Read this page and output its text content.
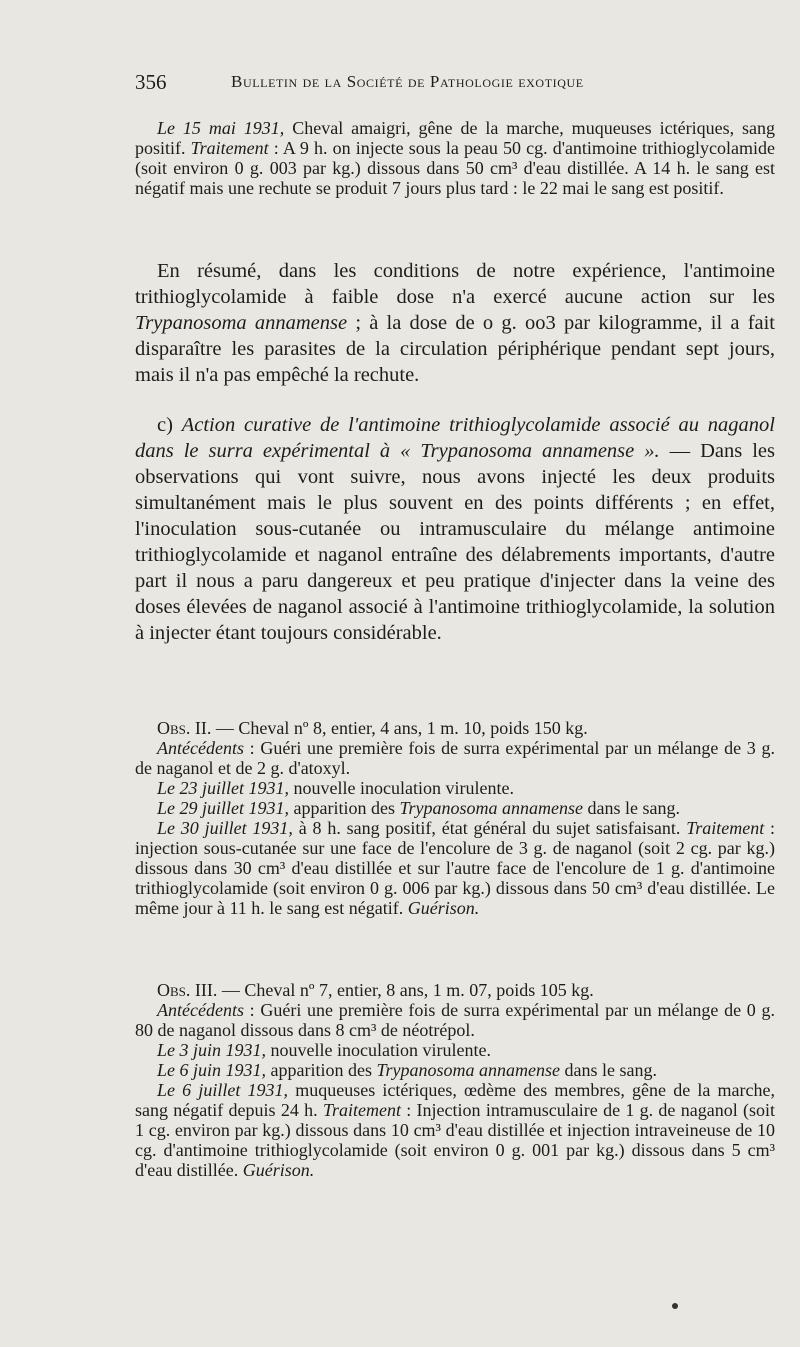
356	Bulletin de la Société de Pathologie exotique

Le 15 mai 1931, Cheval amaigri, gêne de la marche, muqueuses ictériques, sang positif. Traitement : A 9 h. on injecte sous la peau 50 cg. d'antimoine trithioglycolamide (soit environ 0 g. 003 par kg.) dissous dans 50 cm³ d'eau distillée. A 14 h. le sang est négatif mais une rechute se produit 7 jours plus tard : le 22 mai le sang est positif.

En résumé, dans les conditions de notre expérience, l'antimoine trithioglycolamide à faible dose n'a exercé aucune action sur les Trypanosoma annamense ; à la dose de o g. oo3 par kilogramme, il a fait disparaître les parasites de la circulation périphérique pendant sept jours, mais il n'a pas empêché la rechute.

c) Action curative de l'antimoine trithioglycolamide associé au naganol dans le surra expérimental à « Trypanosoma annamense ». — Dans les observations qui vont suivre, nous avons injecté les deux produits simultanément mais le plus souvent en des points différents ; en effet, l'inoculation sous-cutanée ou intramusculaire du mélange antimoine trithioglycolamide et naganol entraîne des délabrements importants, d'autre part il nous a paru dangereux et peu pratique d'injecter dans la veine des doses élevées de naganol associé à l'antimoine trithioglycolamide, la solution à injecter étant toujours considérable.

Obs. II. — Cheval nº 8, entier, 4 ans, 1 m. 10, poids 150 kg.

Antécédents : Guéri une première fois de surra expérimental par un mélange de 3 g. de naganol et de 2 g. d'atoxyl.

Le 23 juillet 1931, nouvelle inoculation virulente.

Le 29 juillet 1931, apparition des Trypanosoma annamense dans le sang.

Le 30 juillet 1931, à 8 h. sang positif, état général du sujet satisfaisant. Traitement : injection sous-cutanée sur une face de l'encolure de 3 g. de naganol (soit 2 cg. par kg.) dissous dans 30 cm³ d'eau distillée et sur l'autre face de l'encolure de 1 g. d'antimoine trithioglycolamide (soit environ 0 g. 006 par kg.) dissous dans 50 cm³ d'eau distillée. Le même jour à 11 h. le sang est négatif. Guérison.

Obs. III. — Cheval nº 7, entier, 8 ans, 1 m. 07, poids 105 kg.

Antécédents : Guéri une première fois de surra expérimental par un mélange de 0 g. 80 de naganol dissous dans 8 cm³ de néotrépol.

Le 3 juin 1931, nouvelle inoculation virulente.

Le 6 juin 1931, apparition des Trypanosoma annamense dans le sang.

Le 6 juillet 1931, muqueuses ictériques, œdème des membres, gêne de la marche, sang négatif depuis 24 h. Traitement : Injection intramusculaire de 1 g. de naganol (soit 1 cg. environ par kg.) dissous dans 10 cm³ d'eau distillée et injection intraveineuse de 10 cg. d'antimoine trithioglycolamide (soit environ 0 g. 001 par kg.) dissous dans 5 cm³ d'eau distillée. Guérison.
